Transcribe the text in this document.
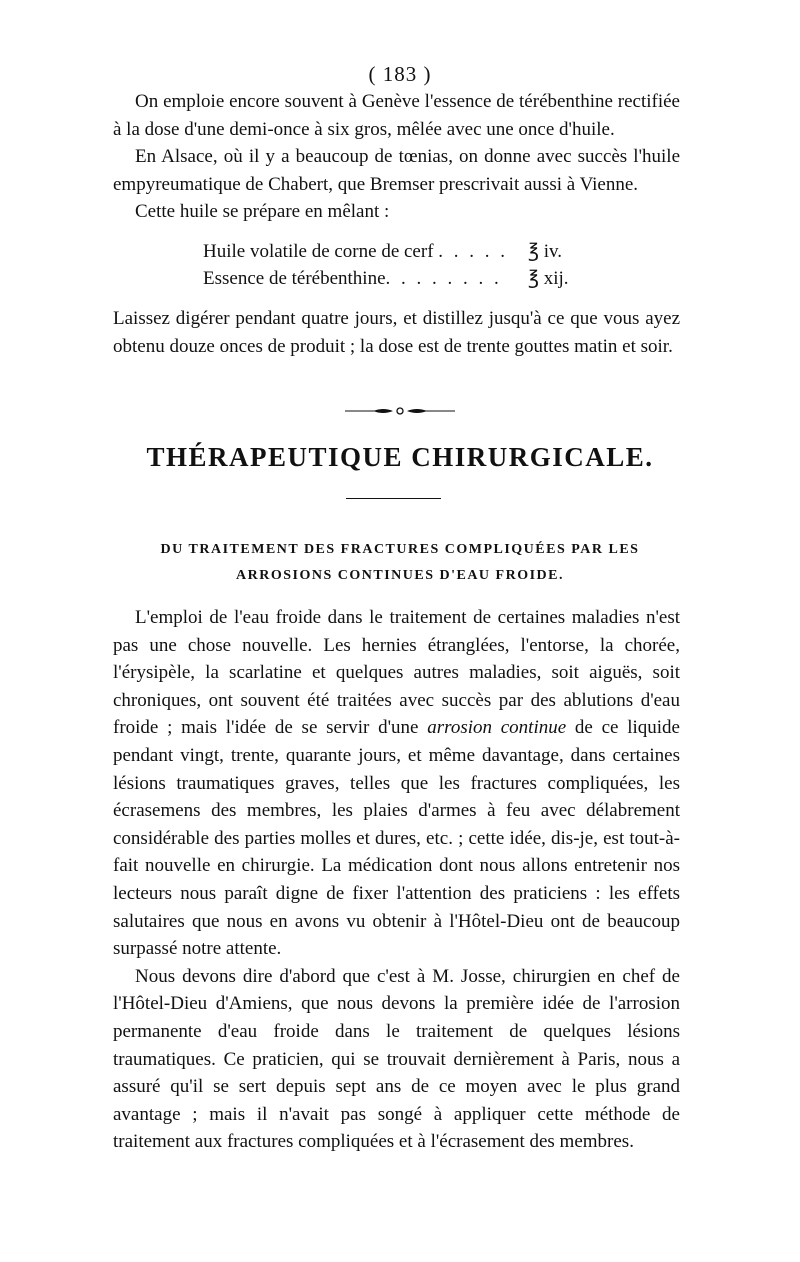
( 183 )

On emploie encore souvent à Genève l'essence de térébenthine rectifiée à la dose d'une demi-once à six gros, mêlée avec une once d'huile.

En Alsace, où il y a beaucoup de tœnias, on donne avec succès l'huile empyreumatique de Chabert, que Bremser prescrivait aussi à Vienne.

Cette huile se prépare en mêlant :

Huile volatile de corne de cerf . . . . .	℥ iv.
Essence de térébenthine. . . . . . . .	℥ xij.

Laissez digérer pendant quatre jours, et distillez jusqu'à ce que vous ayez obtenu douze onces de produit ; la dose est de trente gouttes matin et soir.

THÉRAPEUTIQUE CHIRURGICALE.
DU TRAITEMENT DES FRACTURES COMPLIQUÉES PAR LES ARROSIONS CONTINUES D'EAU FROIDE.

L'emploi de l'eau froide dans le traitement de certaines maladies n'est pas une chose nouvelle. Les hernies étranglées, l'entorse, la chorée, l'érysipèle, la scarlatine et quelques autres maladies, soit aiguës, soit chroniques, ont souvent été traitées avec succès par des ablutions d'eau froide ; mais l'idée de se servir d'une arrosion continue de ce liquide pendant vingt, trente, quarante jours, et même davantage, dans certaines lésions traumatiques graves, telles que les fractures compliquées, les écrasemens des membres, les plaies d'armes à feu avec délabrement considérable des parties molles et dures, etc. ; cette idée, dis-je, est tout-à-fait nouvelle en chirurgie. La médication dont nous allons entretenir nos lecteurs nous paraît digne de fixer l'attention des praticiens : les effets salutaires que nous en avons vu obtenir à l'Hôtel-Dieu ont de beaucoup surpassé notre attente.

Nous devons dire d'abord que c'est à M. Josse, chirurgien en chef de l'Hôtel-Dieu d'Amiens, que nous devons la première idée de l'arrosion permanente d'eau froide dans le traitement de quelques lésions traumatiques. Ce praticien, qui se trouvait dernièrement à Paris, nous a assuré qu'il se sert depuis sept ans de ce moyen avec le plus grand avantage ; mais il n'avait pas songé à appliquer cette méthode de traitement aux fractures compliquées et à l'écrasement des membres.
